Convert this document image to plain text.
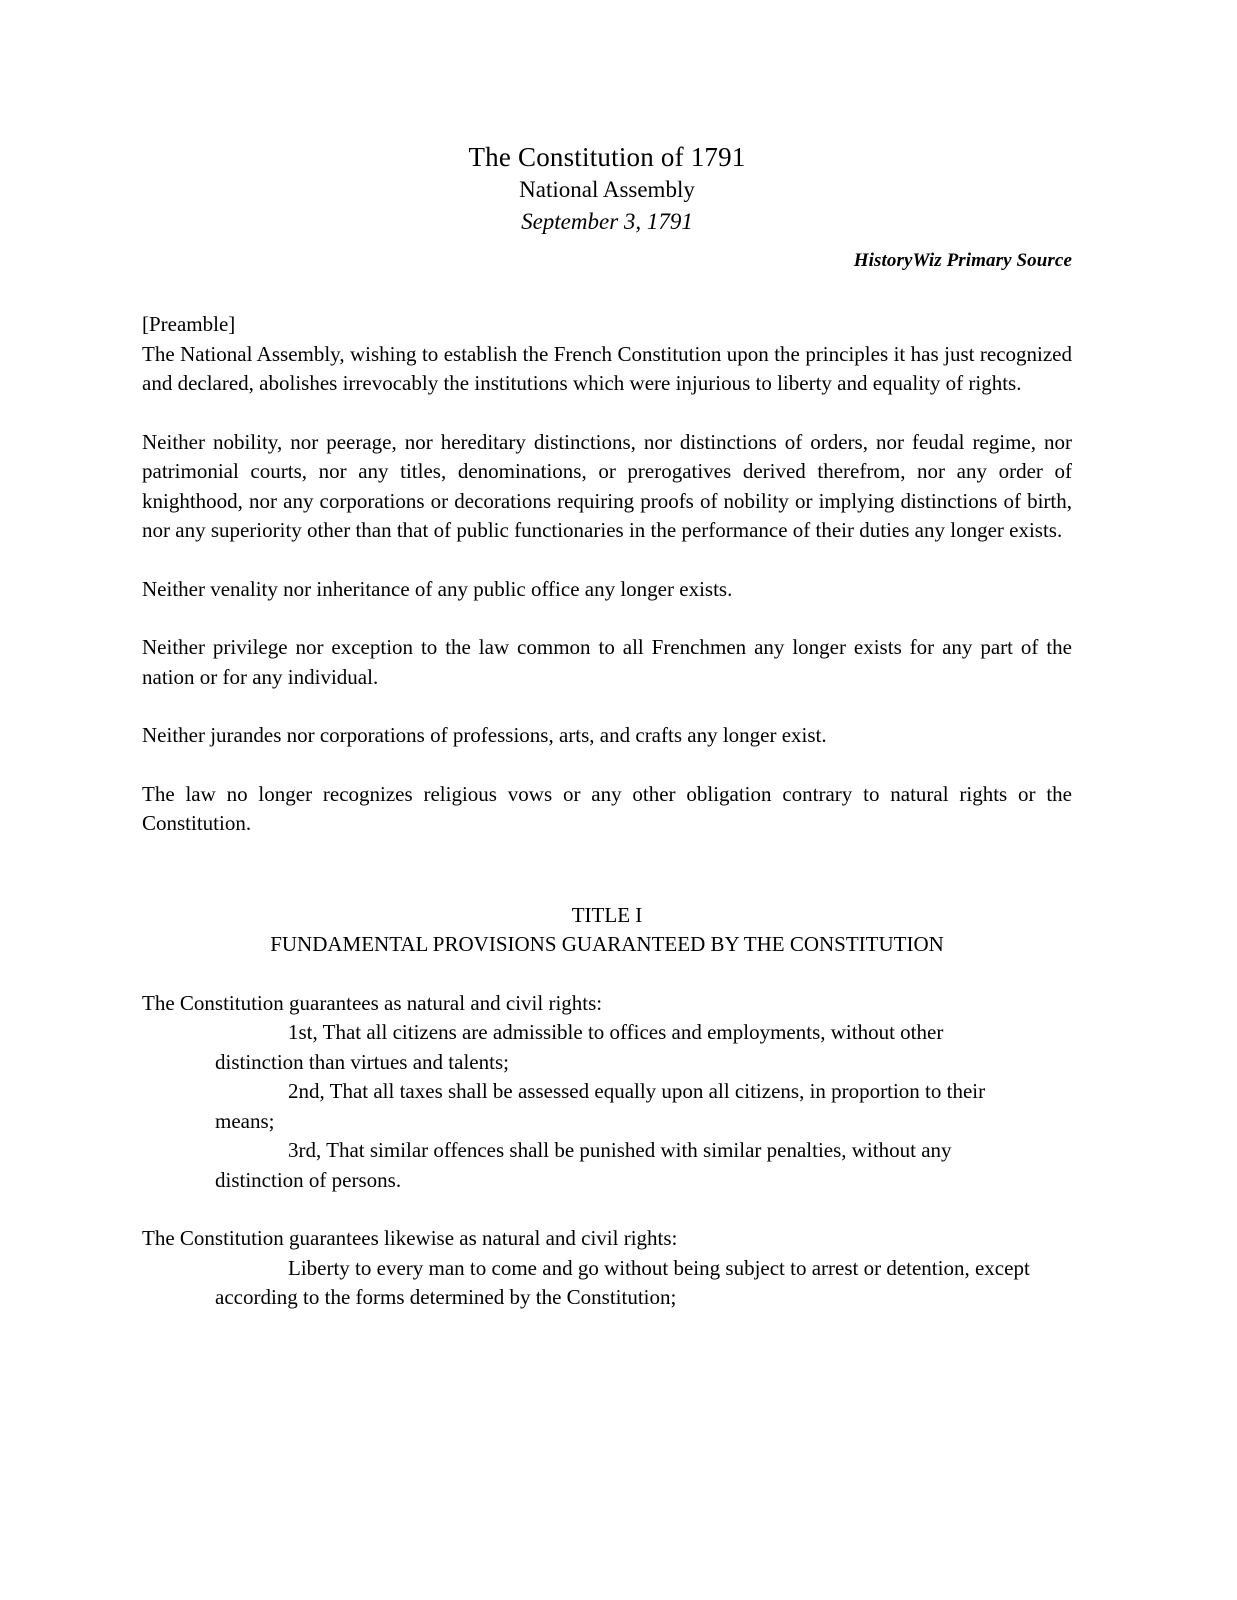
The Constitution of 1791
National Assembly
September 3, 1791
HistoryWiz Primary Source
[Preamble]

The National Assembly, wishing to establish the French Constitution upon the principles it has just recognized and declared, abolishes irrevocably the institutions which were injurious to liberty and equality of rights.

Neither nobility, nor peerage, nor hereditary distinctions, nor distinctions of orders, nor feudal regime, nor patrimonial courts, nor any titles, denominations, or prerogatives derived therefrom, nor any order of knighthood, nor any corporations or decorations requiring proofs of nobility or implying distinctions of birth, nor any superiority other than that of public functionaries in the performance of their duties any longer exists.

Neither venality nor inheritance of any public office any longer exists.

Neither privilege nor exception to the law common to all Frenchmen any longer exists for any part of the nation or for any individual.

Neither jurandes nor corporations of professions, arts, and crafts any longer exist.

The law no longer recognizes religious vows or any other obligation contrary to natural rights or the Constitution.

TITLE I
FUNDAMENTAL PROVISIONS GUARANTEED BY THE CONSTITUTION

The Constitution guarantees as natural and civil rights:

1st, That all citizens are admissible to offices and employments, without other distinction than virtues and talents;

2nd, That all taxes shall be assessed equally upon all citizens, in proportion to their means;

3rd, That similar offences shall be punished with similar penalties, without any distinction of persons.

The Constitution guarantees likewise as natural and civil rights:

Liberty to every man to come and go without being subject to arrest or detention, except according to the forms determined by the Constitution;
